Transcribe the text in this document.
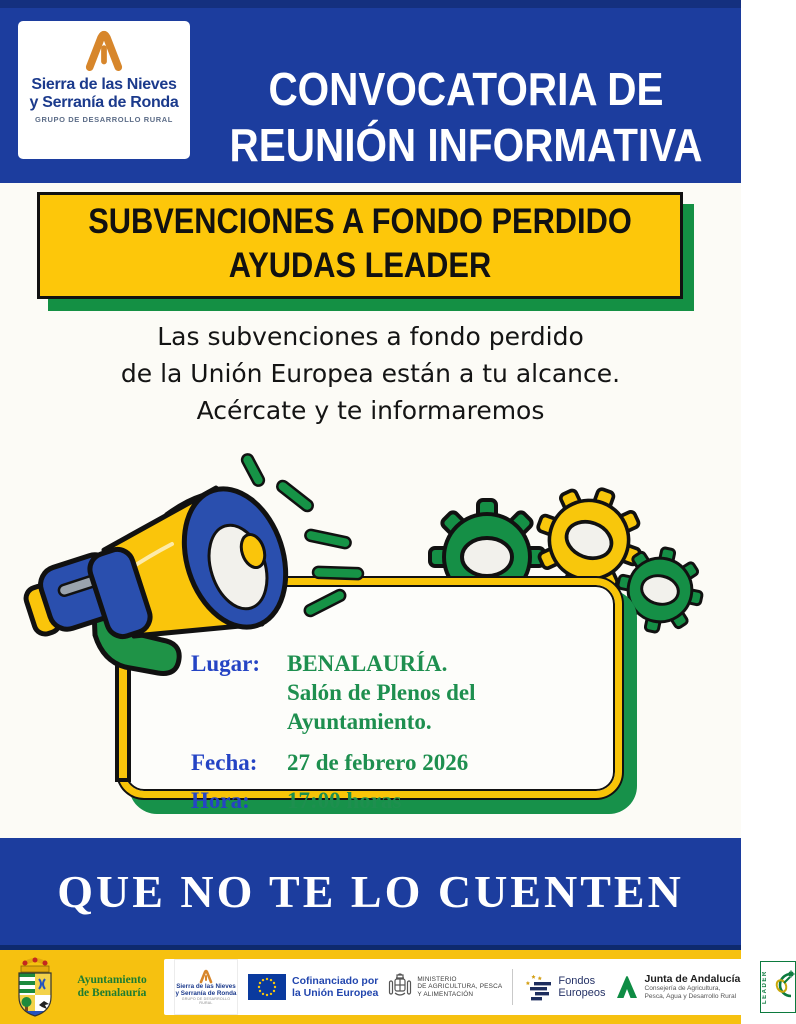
Sierra de las Nieves
y Serranía de Ronda
GRUPO DE DESARROLLO RURAL
CONVOCATORIA DE
REUNIÓN INFORMATIVA
SUBVENCIONES A FONDO PERDIDO
AYUDAS LEADER
Las subvenciones a fondo perdido
de la Unión Europea están a tu alcance.
Acércate y te informaremos
Lugar:	BENALAURÍA.
Salón de Plenos del Ayuntamiento.
Fecha:	27 de febrero 2026
Hora:	17:00 horas
QUE NO TE LO CUENTEN
Ayuntamiento
de Benalauría
Sierra de las Nieves
y Serranía de Ronda
GRUPO DE DESARROLLO RURAL
Cofinanciado por
la Unión Europea
MINISTERIO
DE AGRICULTURA, PESCA
Y ALIMENTACIÓN
Fondos
Europeos
Junta de Andalucía
Consejería de Agricultura,
Pesca, Agua y Desarrollo Rural	LEADER
